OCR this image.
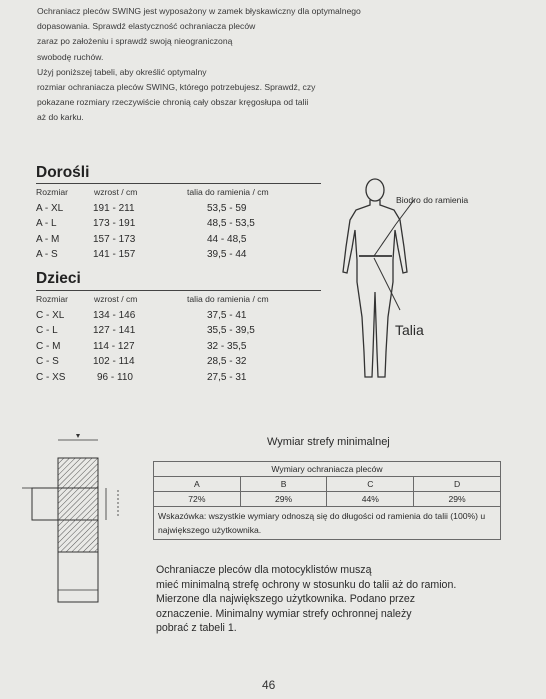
Ochraniacz pleców SWING jest wyposażony w zamek błyskawiczny dla optymalnego

dopasowania. Sprawdź elastyczność ochraniacza pleców

zaraz po założeniu i sprawdź swoją nieograniczoną

swobodę ruchów.

Użyj poniższej tabeli, aby określić optymalny

rozmiar ochraniacza pleców SWING, którego potrzebujesz. Sprawdź, czy

pokazane rozmiary rzeczywiście chronią cały obszar kręgosłupa od talii

aż do karku.

Dorośli
Rozmiar	wzrost / cm	talia do ramienia / cm
A - XL	191 - 211	53,5 - 59
A - L	173 - 191	48,5 - 53,5
A - M	157 - 173	44 - 48,5
A - S	141 - 157	39,5 - 44
Dzieci
Rozmiar	wzrost / cm	talia do ramienia / cm
C - XL	134 - 146	37,5 - 41
C - L	127 - 141	35,5 - 39,5
C - M	114 - 127	32 - 35,5
C - S	102 - 114	28,5 - 32
C - XS	96 - 110	27,5 - 31
Biodro do ramienia
Talia
Wymiar strefy minimalnej
Wymiary ochraniacza pleców			
A	B	C	D
72%	29%	44%	29%
Wskazówka: wszystkie wymiary odnoszą się do długości od ramienia do talii (100%) u największego użytkownika.			

Ochraniacze pleców dla motocyklistów muszą

mieć minimalną strefę ochrony w stosunku do talii aż do ramion.

Mierzone dla największego użytkownika. Podano przez

oznaczenie. Minimalny wymiar strefy ochronnej należy

pobrać z tabeli 1.

46
